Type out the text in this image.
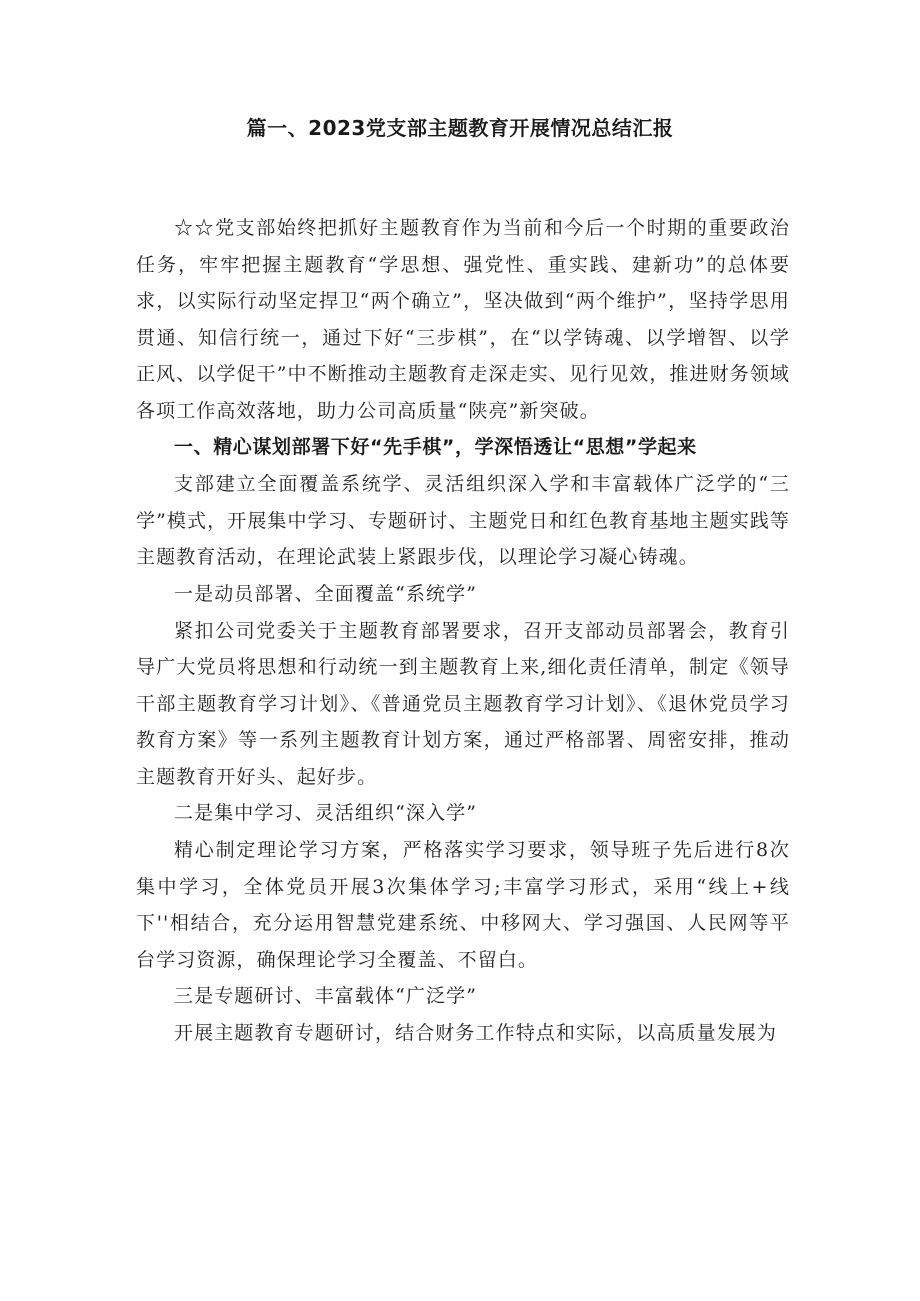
篇一、2023党支部主题教育开展情况总结汇报

☆☆党支部始终把抓好主题教育作为当前和今后一个时期的重要政治任务，牢牢把握主题教育“学思想、强党性、重实践、建新功”的总体要求，以实际行动坚定捍卫“两个确立”，坚决做到“两个维护”，坚持学思用贯通、知信行统一，通过下好“三步棋”，在“以学铸魂、以学增智、以学正风、以学促干”中不断推动主题教育走深走实、见行见效，推进财务领域各项工作高效落地，助力公司高质量“陕亮”新突破。

一、精心谋划部署下好“先手棋”，学深悟透让“思想”学起来

支部建立全面覆盖系统学、灵活组织深入学和丰富载体广泛学的“三学”模式，开展集中学习、专题研讨、主题党日和红色教育基地主题实践等主题教育活动，在理论武装上紧跟步伐，以理论学习凝心铸魂。

一是动员部署、全面覆盖“系统学”

紧扣公司党委关于主题教育部署要求，召开支部动员部署会，教育引导广大党员将思想和行动统一到主题教育上来,细化责任清单，制定《领导干部主题教育学习计划》、《普通党员主题教育学习计划》、《退休党员学习教育方案》等一系列主题教育计划方案，通过严格部署、周密安排，推动主题教育开好头、起好步。

二是集中学习、灵活组织“深入学”

精心制定理论学习方案，严格落实学习要求，领导班子先后进行8次集中学习，全体党员开展3次集体学习;丰富学习形式，采用“线上+线下''相结合，充分运用智慧党建系统、中移网大、学习强国、人民网等平台学习资源，确保理论学习全覆盖、不留白。

三是专题研讨、丰富载体“广泛学”

开展主题教育专题研讨，结合财务工作特点和实际，以高质量发展为
